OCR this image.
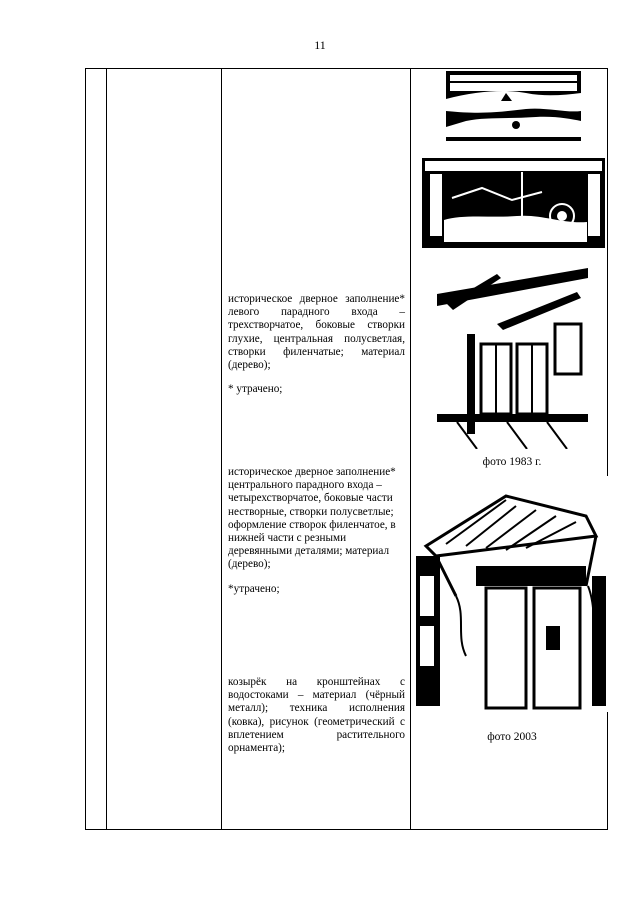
11
историческое дверное заполнение* левого парадного входа – трехстворчатое, боковые створки глухие, центральная полусветлая, створки филенчатые; материал (дерево);
* утрачено;
историческое дверное заполнение* центрального парадного входа – четырехстворчатое, боковые части нестворные, створки полусветлые; оформление створок филенчатое, в нижней части с резными деревянными деталями; материал (дерево);
*утрачено;
козырёк на кронштейнах с водостоками – материал (чёрный металл); техника исполнения (ковка), рисунок (геометрический с вплетением растительного орнамента);
фото 1983 г.
фото 2003
